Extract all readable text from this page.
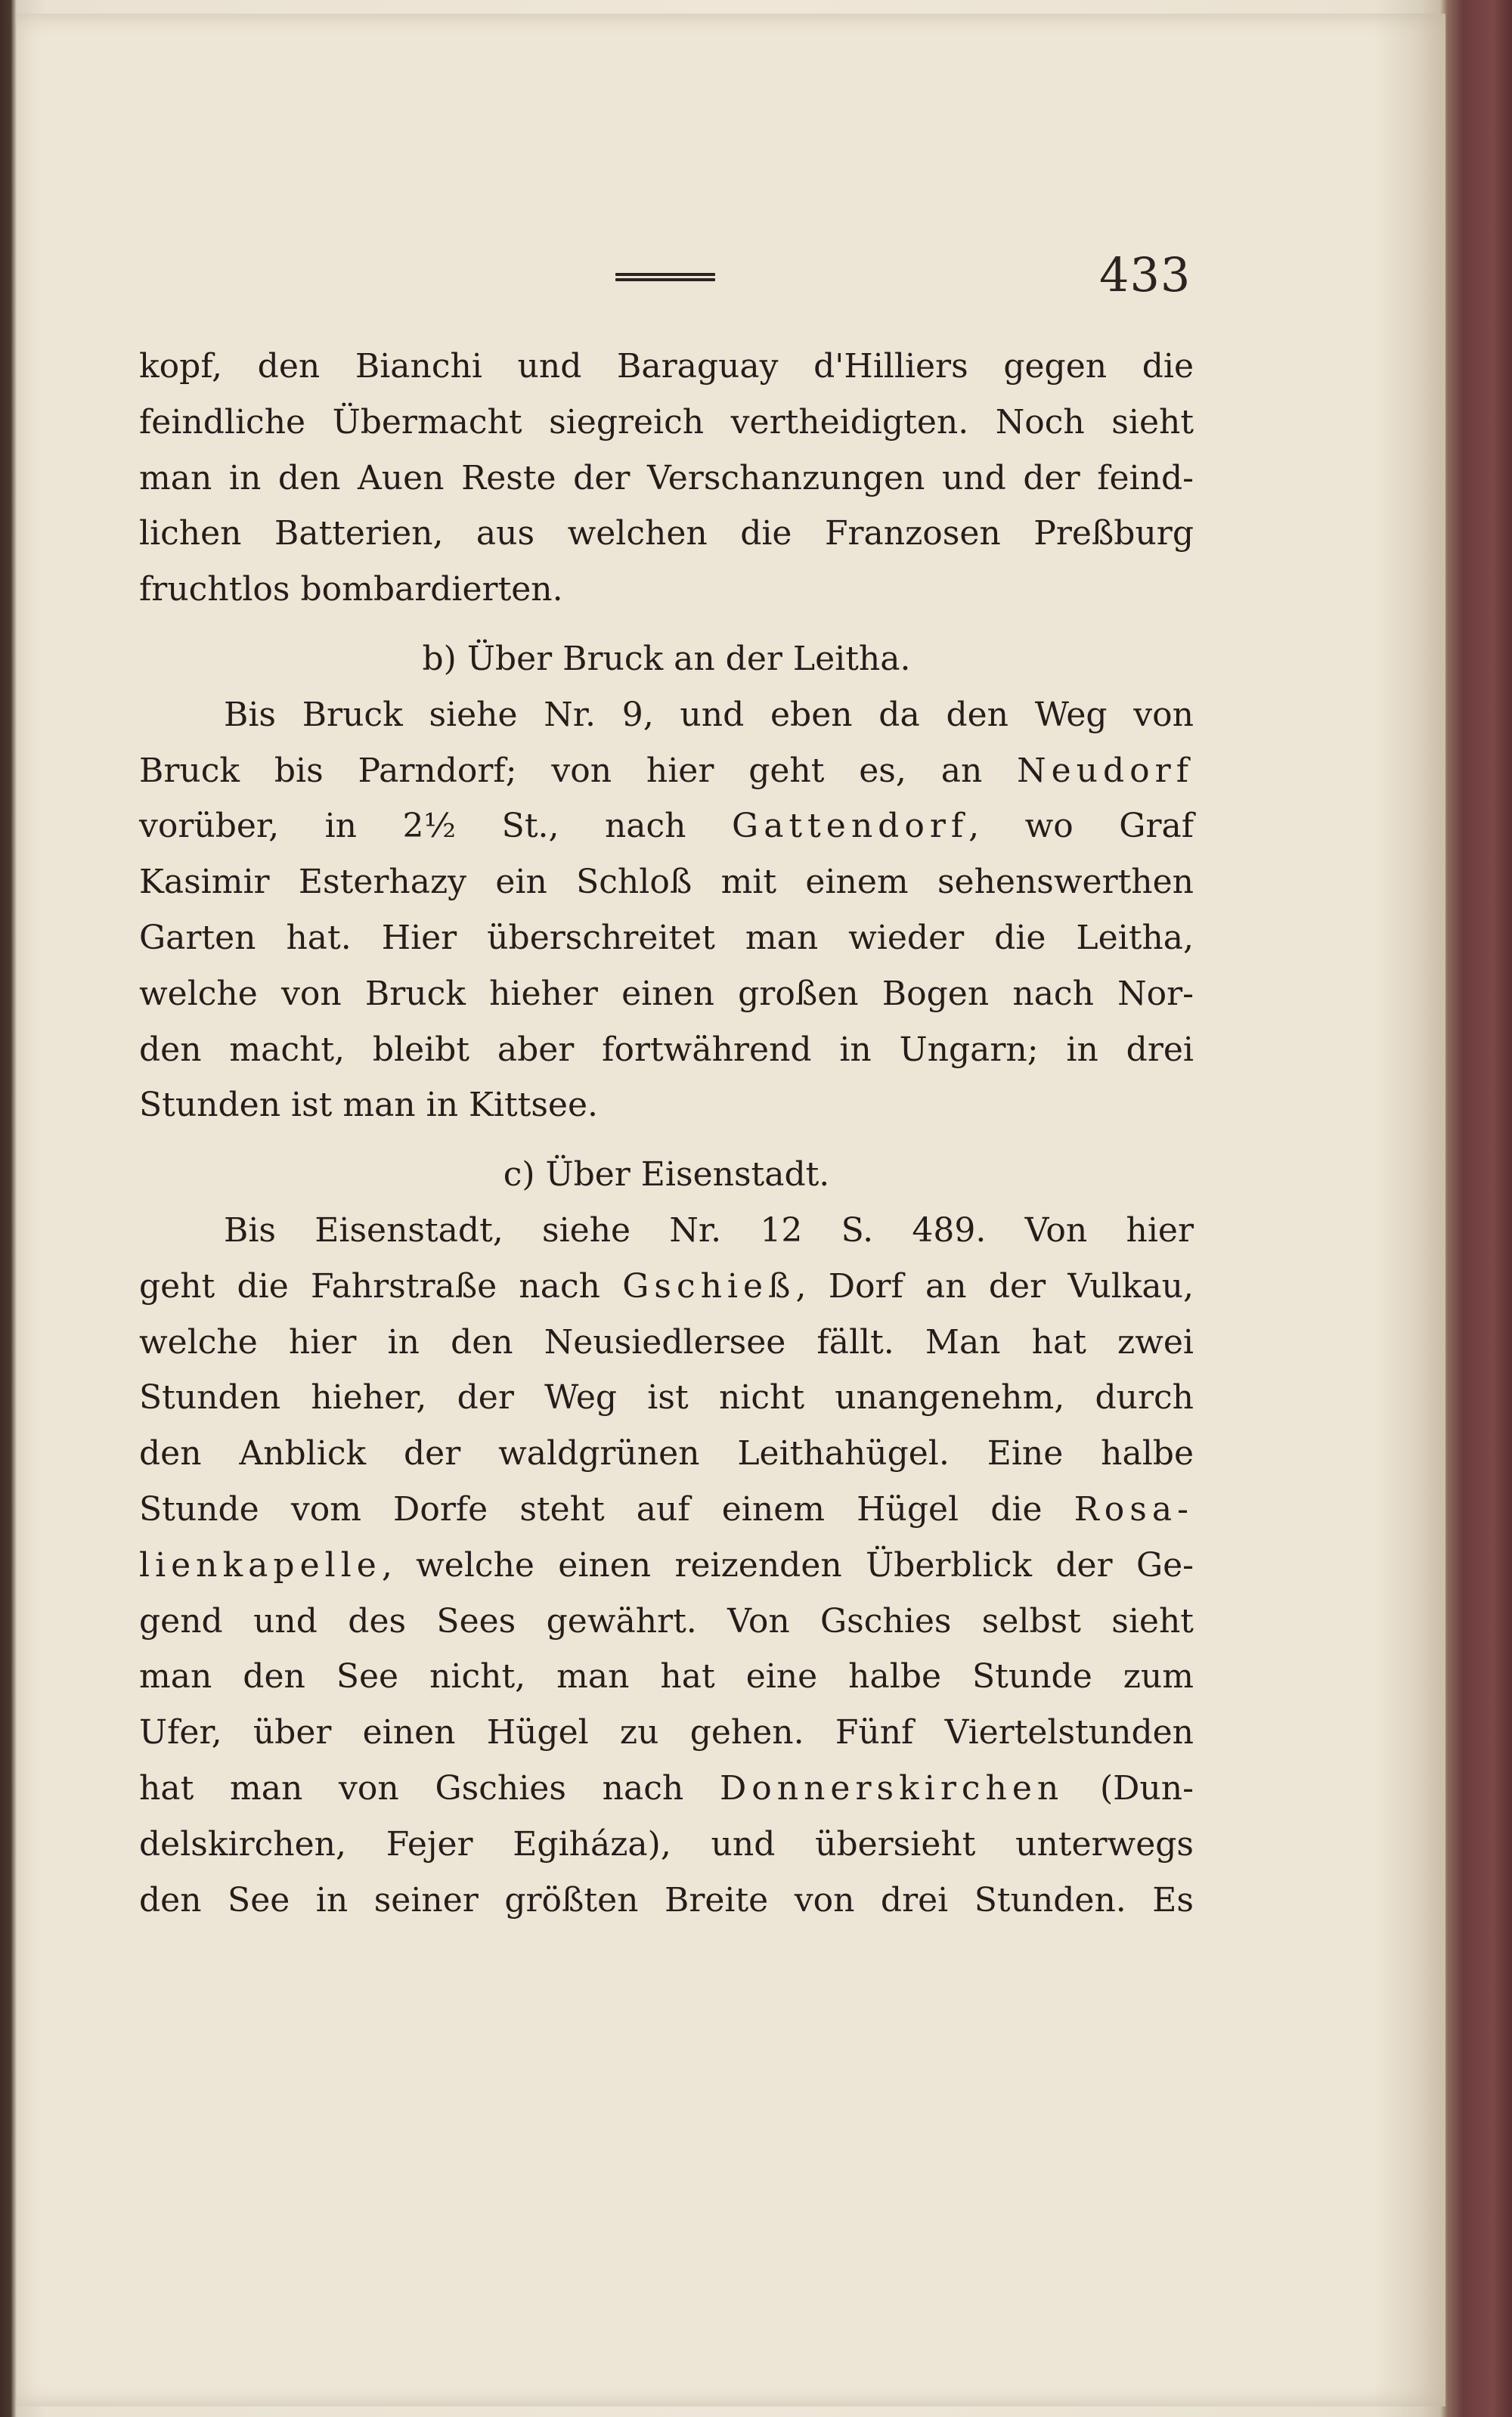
433
kopf, den Bianchi und Baraguay d'Hilliers gegen die
feindliche Übermacht siegreich vertheidigten. Noch sieht
man in den Auen Reste der Verschanzungen und der feind-
lichen Batterien, aus welchen die Franzosen Preßburg
fruchtlos bombardierten.
b) Über Bruck an der Leitha.
Bis Bruck siehe Nr. 9, und eben da den Weg von
Bruck bis Parndorf; von hier geht es, an Neudorf
vorüber, in 2½ St., nach Gattendorf, wo Graf
Kasimir Esterhazy ein Schloß mit einem sehenswerthen
Garten hat. Hier überschreitet man wieder die Leitha,
welche von Bruck hieher einen großen Bogen nach Nor-
den macht, bleibt aber fortwährend in Ungarn; in drei
Stunden ist man in Kittsee.
c) Über Eisenstadt.
Bis Eisenstadt, siehe Nr. 12 S. 489. Von hier
geht die Fahrstraße nach Gschieß, Dorf an der Vulkau,
welche hier in den Neusiedlersee fällt. Man hat zwei
Stunden hieher, der Weg ist nicht unangenehm, durch
den Anblick der waldgrünen Leithahügel. Eine halbe
Stunde vom Dorfe steht auf einem Hügel die Rosa-
lienkapelle, welche einen reizenden Überblick der Ge-
gend und des Sees gewährt. Von Gschies selbst sieht
man den See nicht, man hat eine halbe Stunde zum
Ufer, über einen Hügel zu gehen. Fünf Viertelstunden
hat man von Gschies nach Donnerskirchen (Dun-
delskirchen, Fejer Egiháza), und übersieht unterwegs
den See in seiner größten Breite von drei Stunden. Es
